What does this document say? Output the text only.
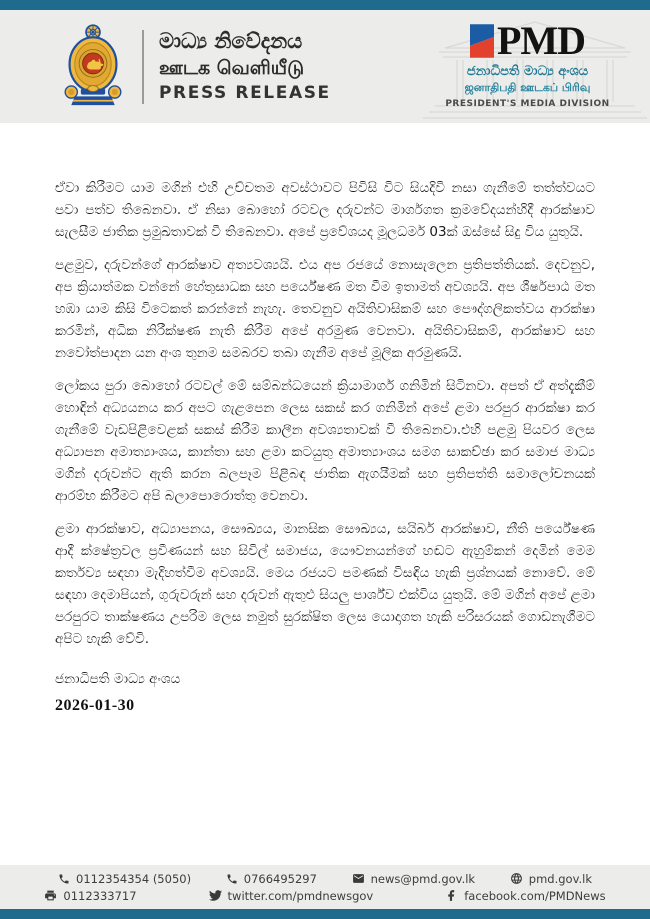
මාධ්‍ය නිවේදනය
ஊடக வெளியீடு
PRESS RELEASE
PMD
ජනාධිපති මාධ්‍ය අංශය
ஜனாதிபதி ஊடகப் பிரிவு
PRESIDENT'S MEDIA DIVISION

ඒවා කිරීමට යාම මගින් එහි උච්චතම අවස්ථාවට පිවිසි විට සියදිවි නසා ගැනීමේ තත්ත්වයට පවා පත්ව තිබෙනවා. ඒ නිසා බොහෝ රටවල දරුවන්ට මාර්ගගත ක්‍රමවේදයන්හිදී ආරක්ෂාව සැලසීම ජාතික ප්‍රමුඛතාවක් වී තිබෙනවා. අපේ ප්‍රවේශයද මූලධර්ම 03ක් ඔස්සේ සිදු විය යුතුයි.

පළමුව, දරුවන්ගේ ආරක්ෂාව අත්‍යවශ්‍යයි. එය අප රජයේ නොසැලෙන ප්‍රතිපත්තියක්. දෙවනුව, අප ක්‍රියාත්මක වන්නේ හේතුසාධක සහ පර්යේෂණ මත වීම ඉතාමත් අවශ්‍යයි. අප ශීර්ෂපාඨ මත හඹා යාම කිසි විටෙකත් කරන්නේ නැහැ. තෙවනුව අයිතිවාසිකම් සහ පෞද්ගලිකත්වය ආරක්ෂා කරමින්, අධික නිරීක්ෂණ නැති කිරීම අපේ අරමුණ වෙනවා. අයිතිවාසිකම්, ආරක්ෂාව සහ නවෝත්පාදන යන අංශ තුනම සමබරව තබා ගැනීම අපේ මූලික අරමුණයි.

ලෝකය පුරා බොහෝ රටවල් මේ සම්බන්ධයෙන් ක්‍රියාමාර්ග ගනිමින් සිටිනවා. අපත් ඒ අත්දැකීම් හොඳින් අධ්‍යයනය කර අපට ගැළපෙන ලෙස සකස් කර ගනිමින් අපේ ළමා පරපුර ආරක්ෂා කර ගැනීමේ වැඩපිළිවෙළක් සකස් කිරීම කාලීන අවශ්‍යතාවක් වී තිබෙනවා.එහි පළමු පියවර ලෙස අධ්‍යාපන අමාත්‍යාංශය, කාන්තා සහ ළමා කටයුතු අමාත්‍යාංශය සමග සාකච්ඡා කර සමාජ මාධ්‍ය මගින් දරුවන්ට ඇති කරන බලපෑම පිළිබඳ ජාතික ඇගයීමක් සහ ප්‍රතිපත්ති සමාලෝචනයක් ආරම්භ කිරීමට අපි බලාපොරොත්තු වෙනවා.

ළමා ආරක්ෂාව, අධ්‍යාපනය, සෞඛ්‍යය, මානසික සෞඛ්‍යය, සයිබර් ආරක්ෂාව, නීති පර්යේෂණ ආදී ක්ෂේත්‍රවල ප්‍රවීණයන් සහ සිවිල් සමාජය, යෞවනයන්ගේ හඬට ඇහුම්කන් දෙමින් මෙම කර්තව්‍ය සඳහා මැදිහත්වීම අවශ්‍යයි. මෙය රජයට පමණක් විසඳිය හැකි ප්‍රශ්නයක් නොවේ. මේ සඳහා දෙමාපියන්, ගුරුවරුන් සහ දරුවන් ඇතුළු සියලු පාර්ශ්ව එක්විය යුතුයි. මේ මගින් අපේ ළමා පරපුරට තාක්ෂණය උපරිම ලෙස නමුත් සුරක්ෂිත ලෙස යොදාගත හැකි පරිසරයක් ගොඩනැගීමට අපිට හැකි වේවි.

ජනාධිපති මාධ්‍ය අංශය
2026-01-30
0112354354 (5050)	0766495297	news@pmd.gov.lk	pmd.gov.lk
0112333717	twitter.com/pmdnewsgov	facebook.com/PMDNews
